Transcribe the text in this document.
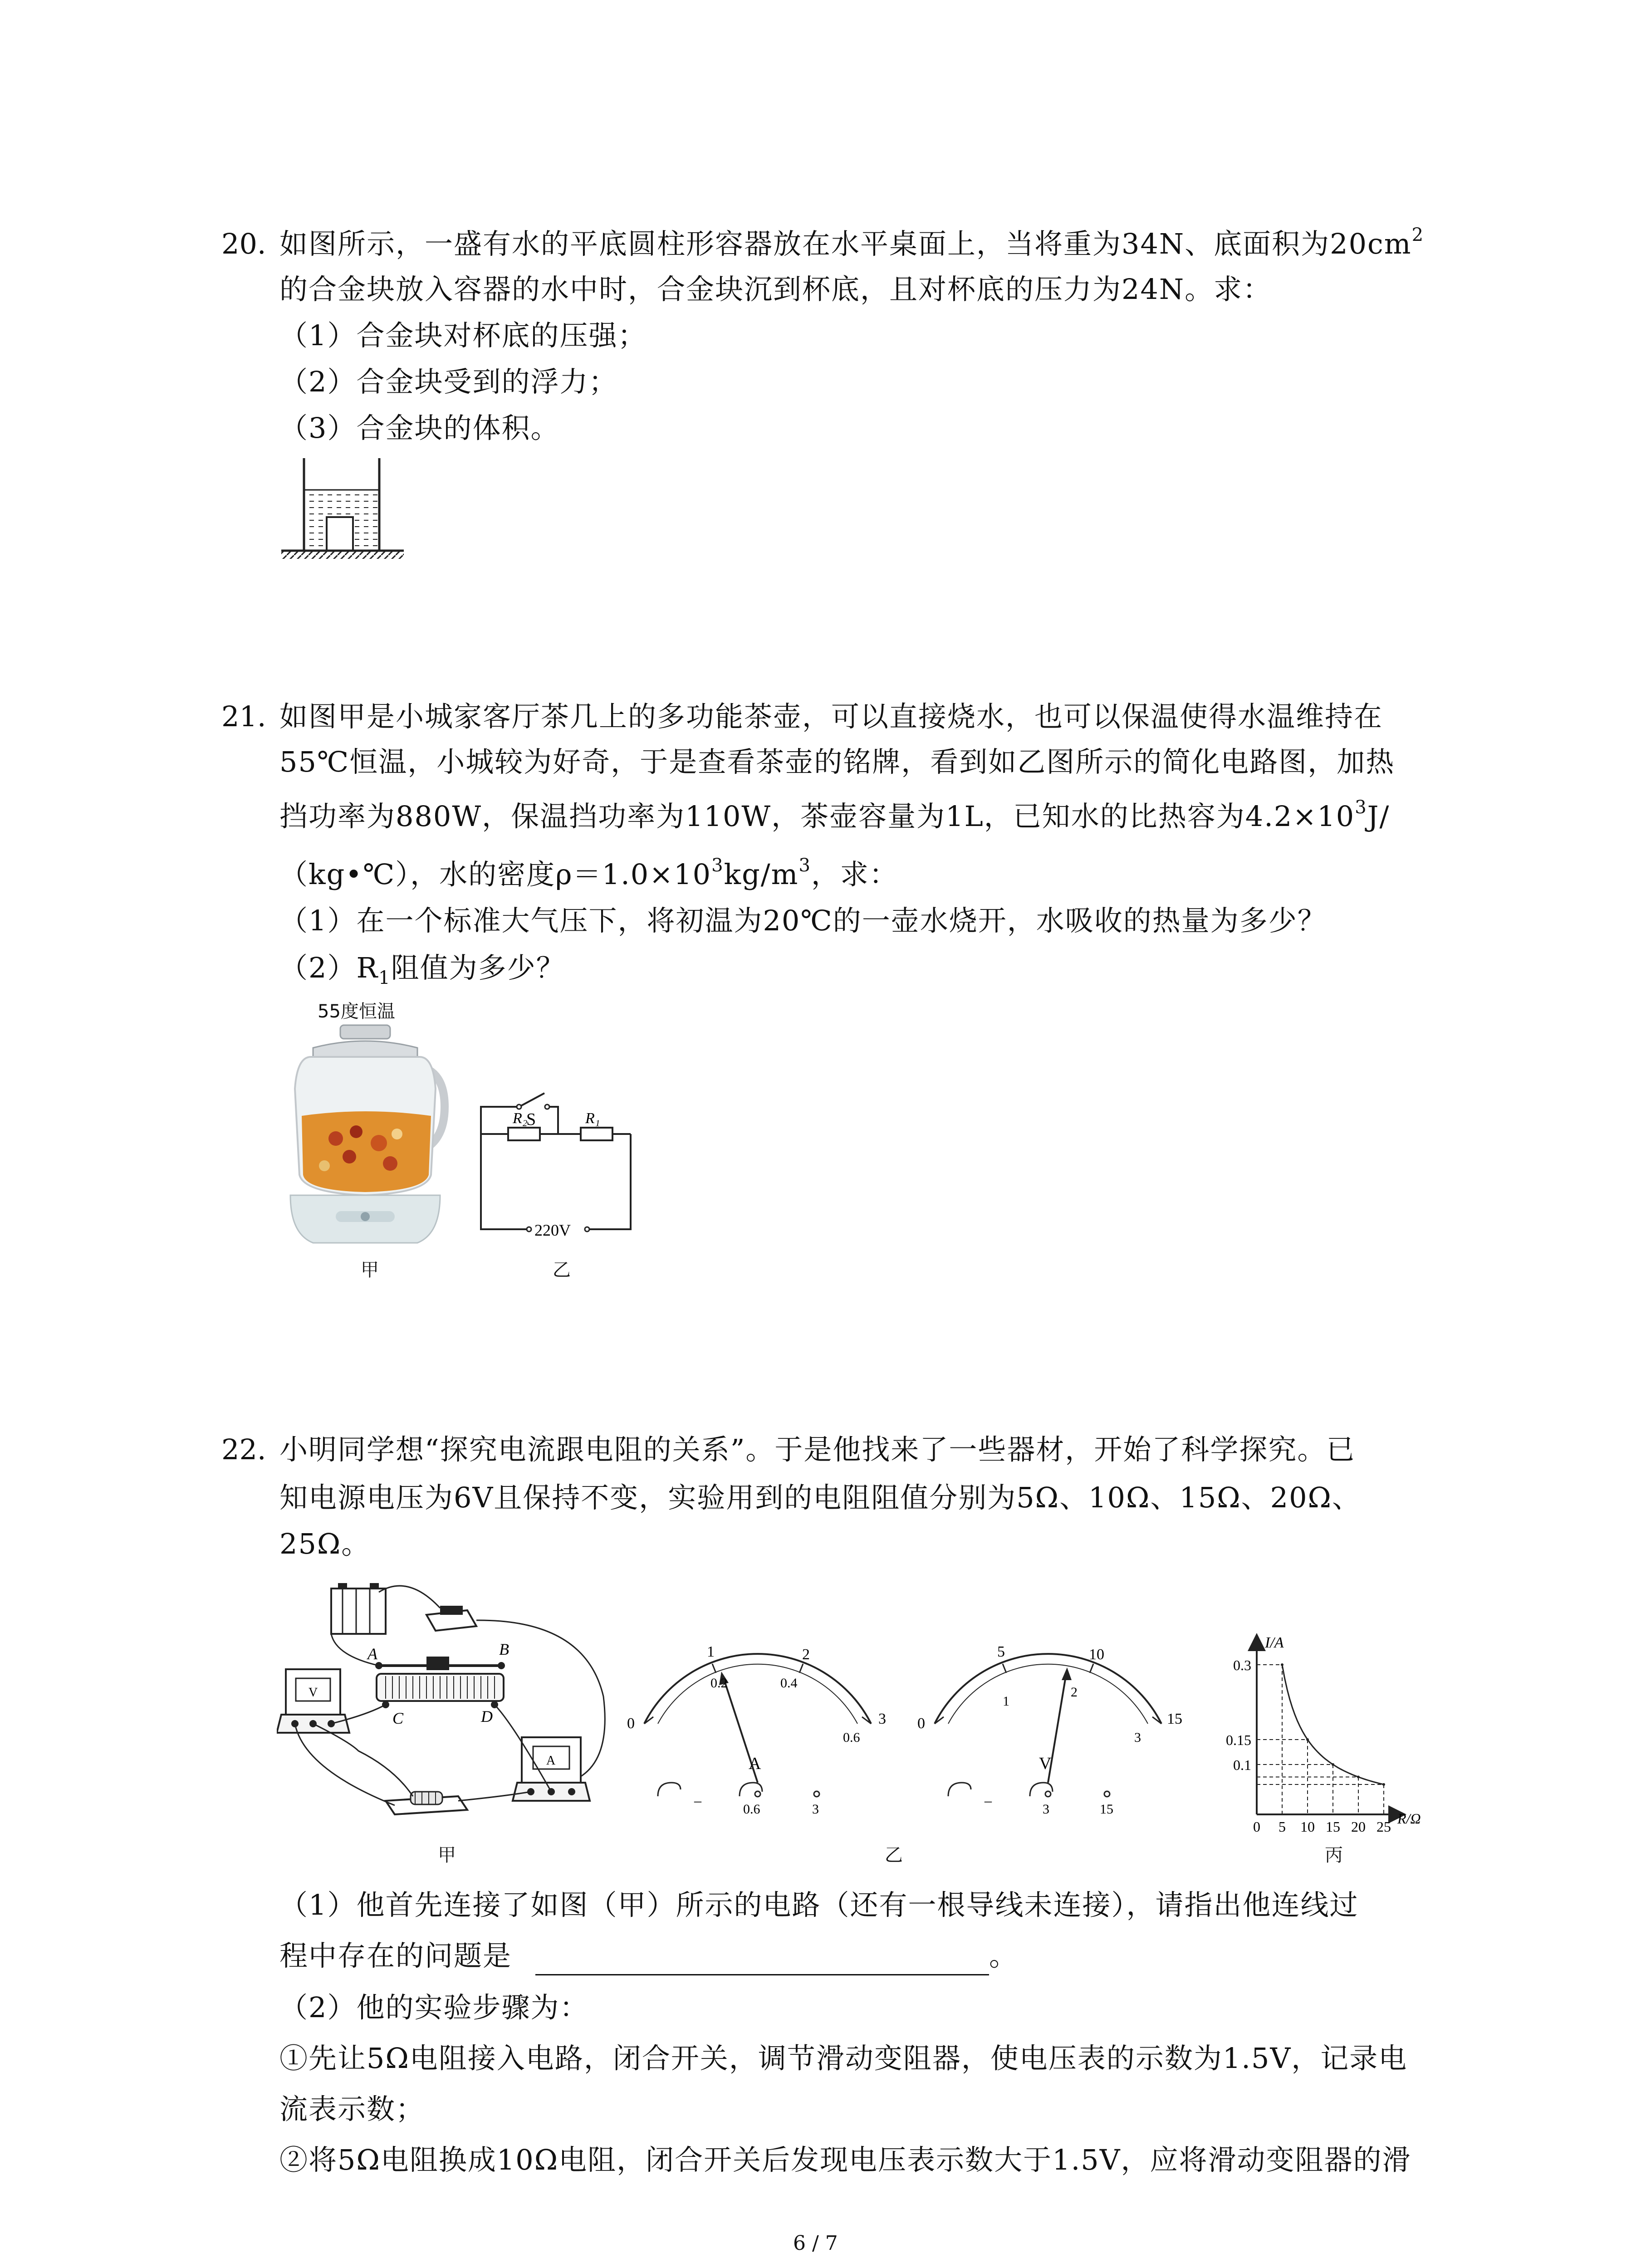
20. 如图所示，一盛有水的平底圆柱形容器放在水平桌面上，当将重为34N、底面积为$20cm^2$
的合金块放入容器的水中时，合金块沉到杯底，且对杯底的压力为24N。求：
（1）合金块对杯底的压强；
（2）合金块受到的浮力；
（3）合金块的体积。
21. 如图甲是小城家客厅茶几上的多功能茶壶，可以直接烧水，也可以保温使得水温维持在
55℃恒温，小城较为好奇，于是查看茶壶的铭牌，看到如乙图所示的简化电路图，加热
挡功率为880W，保温挡功率为110W，茶壶容量为1L，已知水的比热容为$4.2\times 10^3J/$
（kg•℃），水的密度$\rho=1.0\times 10^3kg/m^3$，求：
（1）在一个标准大气压下，将初温为20℃的一壶水烧开，水吸收的热量为多少？
$(2)R_1$阻值为多少？
55度恒温
S
R₂	R₁
220V
甲	乙
22. 小明同学想“探究电流跟电阻的关系”。于是他找来了一些器材，开始了科学探究。已
知电源电压为6V且保持不变，实验用到的电阻阻值分别为5Ω、10Ω、15Ω、20Ω、
25Ω。
A	B
C	D
V
A
0
1	2
3
0.2	0.4
0.6
A
–
0.6	3
0
5	10
15
1
2
3
V
–
3	15
I/A
R/Ω
0.3
0.15
0.1
0 5 10 15 20 25
甲	乙	丙
（1）他首先连接了如图（甲）所示的电路（还有一根导线未连接），请指出他连线过
程中存在的问题是	。
（2）他的实验步骤为：
①先让5Ω电阻接入电路，闭合开关，调节滑动变阻器，使电压表的示数为1.5V，记录电
流表示数；
②将5Ω电阻换成10Ω电阻，闭合开关后发现电压表示数大于1.5V，应将滑动变阻器的滑
6 / 7
